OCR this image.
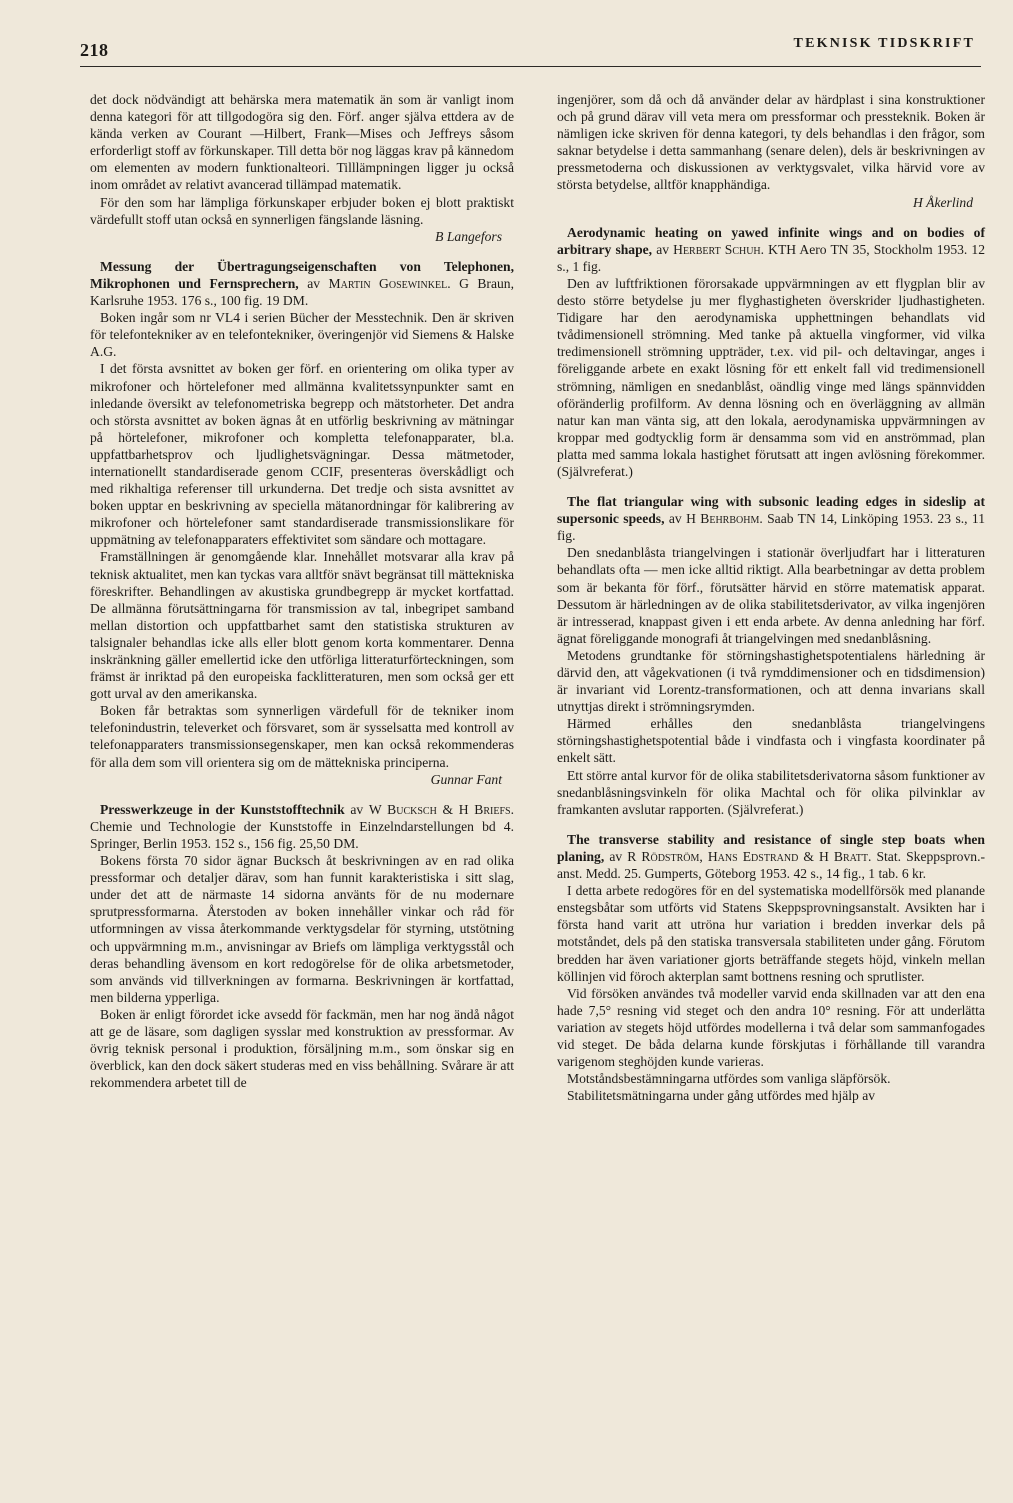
218	TEKNISK TIDSKRIFT

det dock nödvändigt att behärska mera matematik än som är vanligt inom denna kategori för att tillgodogöra sig den. Förf. anger själva ettdera av de kända verken av Courant —Hilbert, Frank—Mises och Jeffreys såsom erforderligt stoff av förkunskaper. Till detta bör nog läggas krav på kännedom om elementen av modern funktionalteori. Tilllämpningen ligger ju också inom området av relativt avancerad tillämpad matematik.

För den som har lämpliga förkunskaper erbjuder boken ej blott praktiskt värdefullt stoff utan också en synnerligen fängslande läsning.

B Langefors

Messung der Übertragungseigenschaften von Telephonen, Mikrophonen und Fernsprechern, av Martin Gosewinkel. G Braun, Karlsruhe 1953. 176 s., 100 fig. 19 DM.

Boken ingår som nr VL4 i serien Bücher der Messtechnik. Den är skriven för telefontekniker av en telefontekniker, överingenjör vid Siemens & Halske A.G.

I det första avsnittet av boken ger förf. en orientering om olika typer av mikrofoner och hörtelefoner med allmänna kvalitetssynpunkter samt en inledande översikt av telefonometriska begrepp och mätstorheter. Det andra och största avsnittet av boken ägnas åt en utförlig beskrivning av mätningar på hörtelefoner, mikrofoner och kompletta telefonapparater, bl.a. uppfattbarhetsprov och ljudlighetsvägningar. Dessa mätmetoder, internationellt standardiserade genom CCIF, presenteras överskådligt och med rikhaltiga referenser till urkunderna. Det tredje och sista avsnittet av boken upptar en beskrivning av speciella mätanordningar för kalibrering av mikrofoner och hörtelefoner samt standardiserade transmissionslikare för uppmätning av telefonapparaters effektivitet som sändare och mottagare.

Framställningen är genomgående klar. Innehållet motsvarar alla krav på teknisk aktualitet, men kan tyckas vara alltför snävt begränsat till mättekniska föreskrifter. Behandlingen av akustiska grundbegrepp är mycket kortfattad. De allmänna förutsättningarna för transmission av tal, inbegripet samband mellan distortion och uppfattbarhet samt den statistiska strukturen av talsignaler behandlas icke alls eller blott genom korta kommentarer. Denna inskränkning gäller emellertid icke den utförliga litteraturförteckningen, som främst är inriktad på den europeiska facklitteraturen, men som också ger ett gott urval av den amerikanska.

Boken får betraktas som synnerligen värdefull för de tekniker inom telefonindustrin, televerket och försvaret, som är sysselsatta med kontroll av telefonapparaters transmissionsegenskaper, men kan också rekommenderas för alla dem som vill orientera sig om de mättekniska principerna.

Gunnar Fant

Presswerkzeuge in der Kunststofftechnik av W Bucksch & H Briefs. Chemie und Technologie der Kunststoffe in Einzelndarstellungen bd 4. Springer, Berlin 1953. 152 s., 156 fig. 25,50 DM.

Bokens första 70 sidor ägnar Bucksch åt beskrivningen av en rad olika pressformar och detaljer därav, som han funnit karakteristiska i sitt slag, under det att de närmaste 14 sidorna använts för de nu modernare sprutpressformarna. Återstoden av boken innehåller vinkar och råd för utformningen av vissa återkommande verktygsdelar för styrning, utstötning och uppvärmning m.m., anvisningar av Briefs om lämpliga verktygsstål och deras behandling ävensom en kort redogörelse för de olika arbetsmetoder, som används vid tillverkningen av formarna. Beskrivningen är kortfattad, men bilderna ypperliga.

Boken är enligt förordet icke avsedd för fackmän, men har nog ändå något att ge de läsare, som dagligen sysslar med konstruktion av pressformar. Av övrig teknisk personal i produktion, försäljning m.m., som önskar sig en överblick, kan den dock säkert studeras med en viss behållning. Svårare är att rekommendera arbetet till de

ingenjörer, som då och då använder delar av härdplast i sina konstruktioner och på grund därav vill veta mera om pressformar och pressteknik. Boken är nämligen icke skriven för denna kategori, ty dels behandlas i den frågor, som saknar betydelse i detta sammanhang (senare delen), dels är beskrivningen av pressmetoderna och diskussionen av verktygsvalet, vilka härvid vore av största betydelse, alltför knapphändiga.

H Åkerlind

Aerodynamic heating on yawed infinite wings and on bodies of arbitrary shape, av Herbert Schuh. KTH Aero TN 35, Stockholm 1953. 12 s., 1 fig.

Den av luftfriktionen förorsakade uppvärmningen av ett flygplan blir av desto större betydelse ju mer flyghastigheten överskrider ljudhastigheten. Tidigare har den aerodynamiska upphettningen behandlats vid tvådimensionell strömning. Med tanke på aktuella vingformer, vid vilka tredimensionell strömning uppträder, t.ex. vid pil- och deltavingar, anges i föreliggande arbete en exakt lösning för ett enkelt fall vid tredimensionell strömning, nämligen en snedanblåst, oändlig vinge med längs spännvidden oföränderlig profilform. Av denna lösning och en överläggning av allmän natur kan man vänta sig, att den lokala, aerodynamiska uppvärmningen av kroppar med godtycklig form är densamma som vid en anströmmad, plan platta med samma lokala hastighet förutsatt att ingen avlösning förekommer. (Självreferat.)

The flat triangular wing with subsonic leading edges in sideslip at supersonic speeds, av H Behrbohm. Saab TN 14, Linköping 1953. 23 s., 11 fig.

Den snedanblåsta triangelvingen i stationär överljudfart har i litteraturen behandlats ofta — men icke alltid riktigt. Alla bearbetningar av detta problem som är bekanta för förf., förutsätter härvid en större matematisk apparat. Dessutom är härledningen av de olika stabilitetsderivator, av vilka ingenjören är intresserad, knappast given i ett enda arbete. Av denna anledning har förf. ägnat föreliggande monografi åt triangelvingen med snedanblåsning.

Metodens grundtanke för störningshastighetspotentialens härledning är därvid den, att vågekvationen (i två rymddimensioner och en tidsdimension) är invariant vid Lorentz-transformationen, och att denna invarians skall utnyttjas direkt i strömningsrymden.

Härmed erhålles den snedanblåsta triangelvingens störningshastighetspotential både i vindfasta och i vingfasta koordinater på enkelt sätt.

Ett större antal kurvor för de olika stabilitetsderivatorna såsom funktioner av snedanblåsningsvinkeln för olika Machtal och för olika pilvinklar av framkanten avslutar rapporten. (Självreferat.)

The transverse stability and resistance of single step boats when planing, av R Rödström, Hans Edstrand & H Bratt. Stat. Skeppsprovn.-anst. Medd. 25. Gumperts, Göteborg 1953. 42 s., 14 fig., 1 tab. 6 kr.

I detta arbete redogöres för en del systematiska modellförsök med planande enstegsbåtar som utförts vid Statens Skeppsprovningsanstalt. Avsikten har i första hand varit att utröna hur variation i bredden inverkar dels på motståndet, dels på den statiska transversala stabiliteten under gång. Förutom bredden har även variationer gjorts beträffande stegets höjd, vinkeln mellan köllinjen vid föroch akterplan samt bottnens resning och sprutlister.

Vid försöken användes två modeller varvid enda skillnaden var att den ena hade 7,5° resning vid steget och den andra 10° resning. För att underlätta variation av stegets höjd utfördes modellerna i två delar som sammanfogades vid steget. De båda delarna kunde förskjutas i förhållande till varandra varigenom steghöjden kunde varieras.

Motståndsbestämningarna utfördes som vanliga släpförsök.

Stabilitetsmätningarna under gång utfördes med hjälp av
